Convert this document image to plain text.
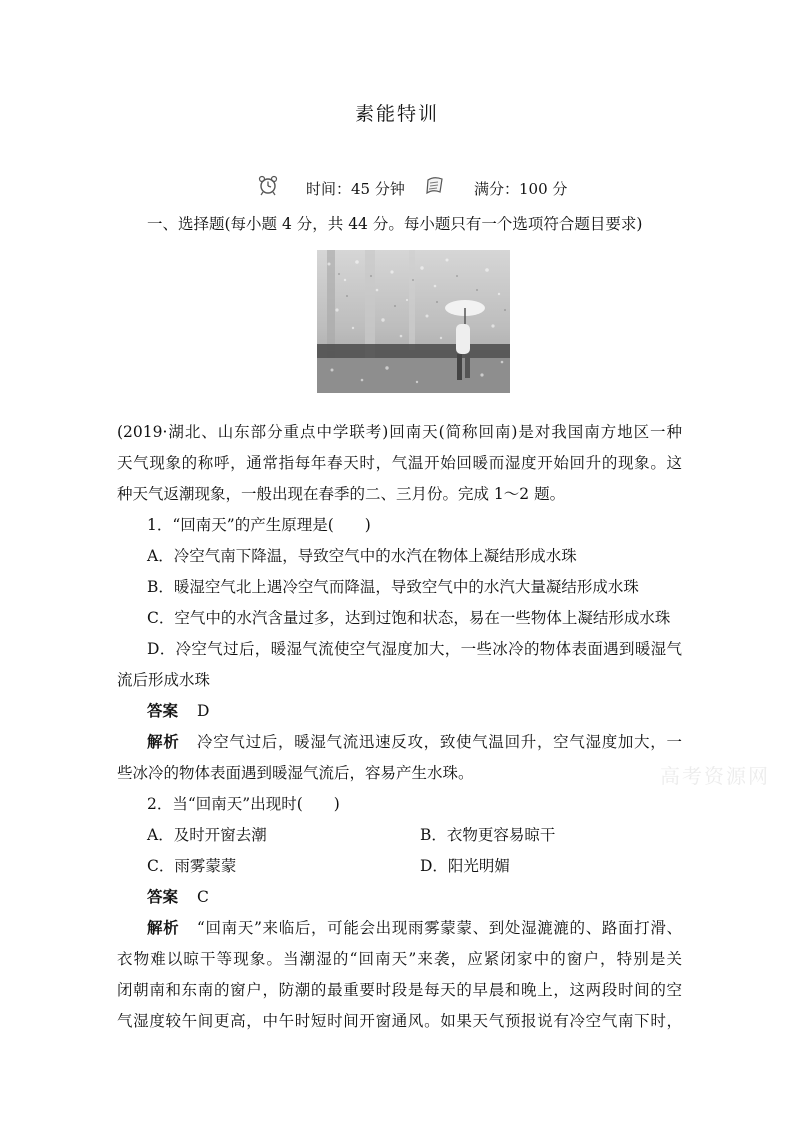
素能特训
时间：45 分钟	满分：100 分
一、选择题(每小题 4 分，共 44 分。每小题只有一个选项符合题目要求)
(2019·湖北、山东部分重点中学联考)回南天(简称回南)是对我国南方地区一种
天气现象的称呼，通常指每年春天时，气温开始回暖而湿度开始回升的现象。这
种天气返潮现象，一般出现在春季的二、三月份。完成 1～2 题。
1．“回南天”的产生原理是(　　)
A．冷空气南下降温，导致空气中的水汽在物体上凝结形成水珠
B．暖湿空气北上遇冷空气而降温，导致空气中的水汽大量凝结形成水珠
C．空气中的水汽含量过多，达到过饱和状态，易在一些物体上凝结形成水珠
D．冷空气过后，暖湿气流使空气湿度加大，一些冰冷的物体表面遇到暖湿气
流后形成水珠
答案 D
解析 冷空气过后，暖湿气流迅速反攻，致使气温回升，空气湿度加大，一
些冰冷的物体表面遇到暖湿气流后，容易产生水珠。	高考资源网
2．当“回南天”出现时(　　)
A．及时开窗去潮	B．衣物更容易晾干
C．雨雾蒙蒙	D．阳光明媚
答案 C
解析 “回南天”来临后，可能会出现雨雾蒙蒙、到处湿漉漉的、路面打滑、
衣物难以晾干等现象。当潮湿的“回南天”来袭，应紧闭家中的窗户，特别是关
闭朝南和东南的窗户，防潮的最重要时段是每天的早晨和晚上，这两段时间的空
气湿度较午间更高，中午时短时间开窗通风。如果天气预报说有冷空气南下时，
